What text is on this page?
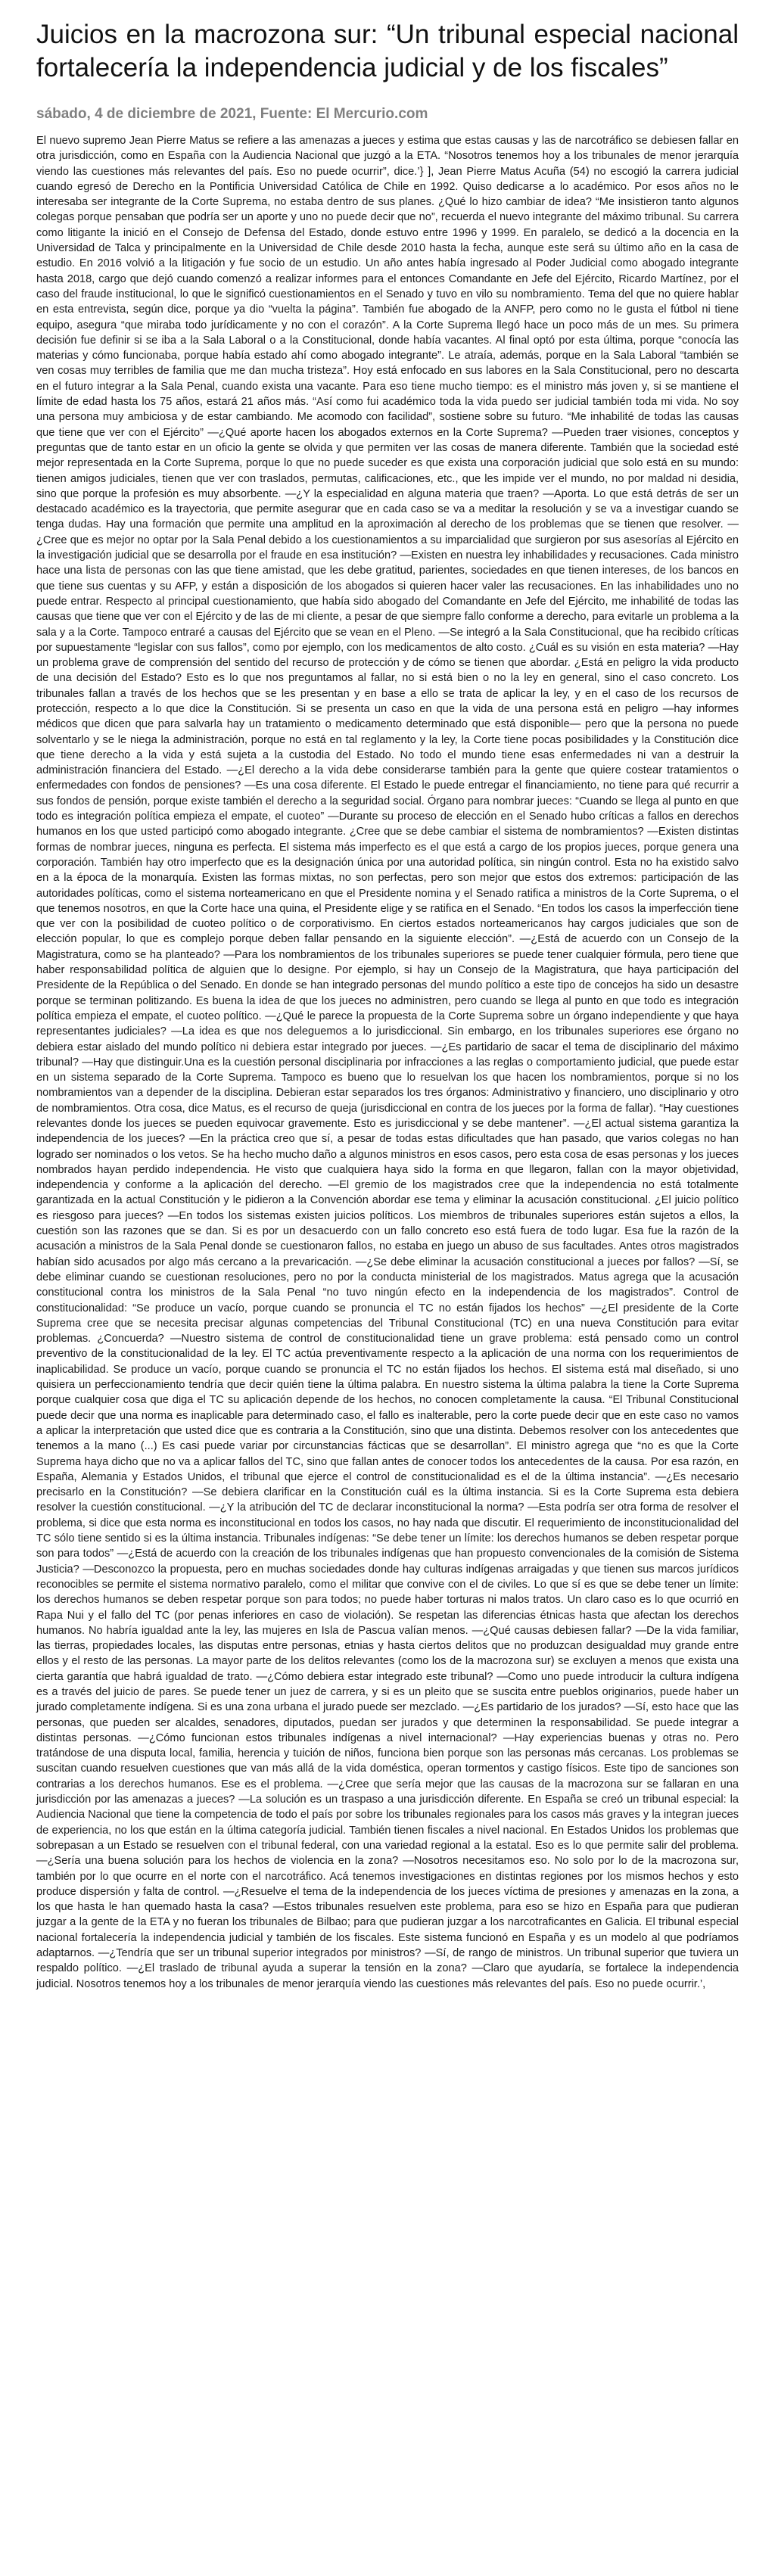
Juicios en la macrozona sur: “Un tribunal especial nacional fortalecería la independencia judicial y de los fiscales”
sábado, 4 de diciembre de 2021, Fuente: El Mercurio.com

El nuevo supremo Jean Pierre Matus se refiere a las amenazas a jueces y estima que estas causas y las de narcotráfico se debiesen fallar en otra jurisdicción, como en España con la Audiencia Nacional que juzgó a la ETA. “Nosotros tenemos hoy a los tribunales de menor jerarquía viendo las cuestiones más relevantes del país. Eso no puede ocurrir”, dice.’} ], Jean Pierre Matus Acuña (54) no escogió la carrera judicial cuando egresó de Derecho en la Pontificia Universidad Católica de Chile en 1992. Quiso dedicarse a lo académico. Por esos años no le interesaba ser integrante de la Corte Suprema, no estaba dentro de sus planes. ¿Qué lo hizo cambiar de idea? “Me insistieron tanto algunos colegas porque pensaban que podría ser un aporte y uno no puede decir que no”, recuerda el nuevo integrante del máximo tribunal. Su carrera como litigante la inició en el Consejo de Defensa del Estado, donde estuvo entre 1996 y 1999. En paralelo, se dedicó a la docencia en la Universidad de Talca y principalmente en la Universidad de Chile desde 2010 hasta la fecha, aunque este será su último año en la casa de estudio. En 2016 volvió a la litigación y fue socio de un estudio. Un año antes había ingresado al Poder Judicial como abogado integrante hasta 2018, cargo que dejó cuando comenzó a realizar informes para el entonces Comandante en Jefe del Ejército, Ricardo Martínez, por el caso del fraude institucional, lo que le significó cuestionamientos en el Senado y tuvo en vilo su nombramiento. Tema del que no quiere hablar en esta entrevista, según dice, porque ya dio “vuelta la página”. También fue abogado de la ANFP, pero como no le gusta el fútbol ni tiene equipo, asegura “que miraba todo jurídicamente y no con el corazón”. A la Corte Suprema llegó hace un poco más de un mes. Su primera decisión fue definir si se iba a la Sala Laboral o a la Constitucional, donde había vacantes. Al final optó por esta última, porque “conocía las materias y cómo funcionaba, porque había estado ahí como abogado integrante”. Le atraía, además, porque en la Sala Laboral “también se ven cosas muy terribles de familia que me dan mucha tristeza”. Hoy está enfocado en sus labores en la Sala Constitucional, pero no descarta en el futuro integrar a la Sala Penal, cuando exista una vacante. Para eso tiene mucho tiempo: es el ministro más joven y, si se mantiene el límite de edad hasta los 75 años, estará 21 años más. “Así como fui académico toda la vida puedo ser judicial también toda mi vida. No soy una persona muy ambiciosa y de estar cambiando. Me acomodo con facilidad”, sostiene sobre su futuro. “Me inhabilité de todas las causas que tiene que ver con el Ejército” —¿Qué aporte hacen los abogados externos en la Corte Suprema? —Pueden traer visiones, conceptos y preguntas que de tanto estar en un oficio la gente se olvida y que permiten ver las cosas de manera diferente. También que la sociedad esté mejor representada en la Corte Suprema, porque lo que no puede suceder es que exista una corporación judicial que solo está en su mundo: tienen amigos judiciales, tienen que ver con traslados, permutas, calificaciones, etc., que les impide ver el mundo, no por maldad ni desidia, sino que porque la profesión es muy absorbente. —¿Y la especialidad en alguna materia que traen? —Aporta. Lo que está detrás de ser un destacado académico es la trayectoria, que permite asegurar que en cada caso se va a meditar la resolución y se va a investigar cuando se tenga dudas. Hay una formación que permite una amplitud en la aproximación al derecho de los problemas que se tienen que resolver. —¿Cree que es mejor no optar por la Sala Penal debido a los cuestionamientos a su imparcialidad que surgieron por sus asesorías al Ejército en la investigación judicial que se desarrolla por el fraude en esa institución? —Existen en nuestra ley inhabilidades y recusaciones. Cada ministro hace una lista de personas con las que tiene amistad, que les debe gratitud, parientes, sociedades en que tienen intereses, de los bancos en que tiene sus cuentas y su AFP, y están a disposición de los abogados si quieren hacer valer las recusaciones. En las inhabilidades uno no puede entrar. Respecto al principal cuestionamiento, que había sido abogado del Comandante en Jefe del Ejército, me inhabilité de todas las causas que tiene que ver con el Ejército y de las de mi cliente, a pesar de que siempre fallo conforme a derecho, para evitarle un problema a la sala y a la Corte. Tampoco entraré a causas del Ejército que se vean en el Pleno. —Se integró a la Sala Constitucional, que ha recibido críticas por supuestamente “legislar con sus fallos”, como por ejemplo, con los medicamentos de alto costo. ¿Cuál es su visión en esta materia? —Hay un problema grave de comprensión del sentido del recurso de protección y de cómo se tienen que abordar. ¿Está en peligro la vida producto de una decisión del Estado? Esto es lo que nos preguntamos al fallar, no si está bien o no la ley en general, sino el caso concreto. Los tribunales fallan a través de los hechos que se les presentan y en base a ello se trata de aplicar la ley, y en el caso de los recursos de protección, respecto a lo que dice la Constitución. Si se presenta un caso en que la vida de una persona está en peligro —hay informes médicos que dicen que para salvarla hay un tratamiento o medicamento determinado que está disponible— pero que la persona no puede solventarlo y se le niega la administración, porque no está en tal reglamento y la ley, la Corte tiene pocas posibilidades y la Constitución dice que tiene derecho a la vida y está sujeta a la custodia del Estado. No todo el mundo tiene esas enfermedades ni van a destruir la administración financiera del Estado. —¿El derecho a la vida debe considerarse también para la gente que quiere costear tratamientos o enfermedades con fondos de pensiones? —Es una cosa diferente. El Estado le puede entregar el financiamiento, no tiene para qué recurrir a sus fondos de pensión, porque existe también el derecho a la seguridad social. Órgano para nombrar jueces: “Cuando se llega al punto en que todo es integración política empieza el empate, el cuoteo” —Durante su proceso de elección en el Senado hubo críticas a fallos en derechos humanos en los que usted participó como abogado integrante. ¿Cree que se debe cambiar el sistema de nombramientos? —Existen distintas formas de nombrar jueces, ninguna es perfecta. El sistema más imperfecto es el que está a cargo de los propios jueces, porque genera una corporación. También hay otro imperfecto que es la designación única por una autoridad política, sin ningún control. Esta no ha existido salvo en a la época de la monarquía. Existen las formas mixtas, no son perfectas, pero son mejor que estos dos extremos: participación de las autoridades políticas, como el sistema norteamericano en que el Presidente nomina y el Senado ratifica a ministros de la Corte Suprema, o el que tenemos nosotros, en que la Corte hace una quina, el Presidente elige y se ratifica en el Senado. “En todos los casos la imperfección tiene que ver con la posibilidad de cuoteo político o de corporativismo. En ciertos estados norteamericanos hay cargos judiciales que son de elección popular, lo que es complejo porque deben fallar pensando en la siguiente elección”. —¿Está de acuerdo con un Consejo de la Magistratura, como se ha planteado? —Para los nombramientos de los tribunales superiores se puede tener cualquier fórmula, pero tiene que haber responsabilidad política de alguien que lo designe. Por ejemplo, si hay un Consejo de la Magistratura, que haya participación del Presidente de la República o del Senado. En donde se han integrado personas del mundo político a este tipo de concejos ha sido un desastre porque se terminan politizando. Es buena la idea de que los jueces no administren, pero cuando se llega al punto en que todo es integración política empieza el empate, el cuoteo político. —¿Qué le parece la propuesta de la Corte Suprema sobre un órgano independiente y que haya representantes judiciales? —La idea es que nos deleguemos a lo jurisdiccional. Sin embargo, en los tribunales superiores ese órgano no debiera estar aislado del mundo político ni debiera estar integrado por jueces. —¿Es partidario de sacar el tema de disciplinario del máximo tribunal? —Hay que distinguir.Una es la cuestión personal disciplinaria por infracciones a las reglas o comportamiento judicial, que puede estar en un sistema separado de la Corte Suprema. Tampoco es bueno que lo resuelvan los que hacen los nombramientos, porque si no los nombramientos van a depender de la disciplina. Debieran estar separados los tres órganos: Administrativo y financiero, uno disciplinario y otro de nombramientos. Otra cosa, dice Matus, es el recurso de queja (jurisdiccional en contra de los jueces por la forma de fallar). “Hay cuestiones relevantes donde los jueces se pueden equivocar gravemente. Esto es jurisdiccional y se debe mantener”. —¿El actual sistema garantiza la independencia de los jueces? —En la práctica creo que sí, a pesar de todas estas dificultades que han pasado, que varios colegas no han logrado ser nominados o los vetos. Se ha hecho mucho daño a algunos ministros en esos casos, pero esta cosa de esas personas y los jueces nombrados hayan perdido independencia. He visto que cualquiera haya sido la forma en que llegaron, fallan con la mayor objetividad, independencia y conforme a la aplicación del derecho. —El gremio de los magistrados cree que la independencia no está totalmente garantizada en la actual Constitución y le pidieron a la Convención abordar ese tema y eliminar la acusación constitucional. ¿El juicio político es riesgoso para jueces? —En todos los sistemas existen juicios políticos. Los miembros de tribunales superiores están sujetos a ellos, la cuestión son las razones que se dan. Si es por un desacuerdo con un fallo concreto eso está fuera de todo lugar. Esa fue la razón de la acusación a ministros de la Sala Penal donde se cuestionaron fallos, no estaba en juego un abuso de sus facultades. Antes otros magistrados habían sido acusados por algo más cercano a la prevaricación. —¿Se debe eliminar la acusación constitucional a jueces por fallos? —Sí, se debe eliminar cuando se cuestionan resoluciones, pero no por la conducta ministerial de los magistrados. Matus agrega que la acusación constitucional contra los ministros de la Sala Penal “no tuvo ningún efecto en la independencia de los magistrados”. Control de constitucionalidad: “Se produce un vacío, porque cuando se pronuncia el TC no están fijados los hechos” —¿El presidente de la Corte Suprema cree que se necesita precisar algunas competencias del Tribunal Constitucional (TC) en una nueva Constitución para evitar problemas. ¿Concuerda? —Nuestro sistema de control de constitucionalidad tiene un grave problema: está pensado como un control preventivo de la constitucionalidad de la ley. El TC actúa preventivamente respecto a la aplicación de una norma con los requerimientos de inaplicabilidad. Se produce un vacío, porque cuando se pronuncia el TC no están fijados los hechos. El sistema está mal diseñado, si uno quisiera un perfeccionamiento tendría que decir quién tiene la última palabra. En nuestro sistema la última palabra la tiene la Corte Suprema porque cualquier cosa que diga el TC su aplicación depende de los hechos, no conocen completamente la causa. “El Tribunal Constitucional puede decir que una norma es inaplicable para determinado caso, el fallo es inalterable, pero la corte puede decir que en este caso no vamos a aplicar la interpretación que usted dice que es contraria a la Constitución, sino que una distinta. Debemos resolver con los antecedentes que tenemos a la mano (...) Es casi puede variar por circunstancias fácticas que se desarrollan”. El ministro agrega que “no es que la Corte Suprema haya dicho que no va a aplicar fallos del TC, sino que fallan antes de conocer todos los antecedentes de la causa. Por esa razón, en España, Alemania y Estados Unidos, el tribunal que ejerce el control de constitucionalidad es el de la última instancia”. —¿Es necesario precisarlo en la Constitución? —Se debiera clarificar en la Constitución cuál es la última instancia. Si es la Corte Suprema esta debiera resolver la cuestión constitucional. —¿Y la atribución del TC de declarar inconstitucional la norma? —Esta podría ser otra forma de resolver el problema, si dice que esta norma es inconstitucional en todos los casos, no hay nada que discutir. El requerimiento de inconstitucionalidad del TC sólo tiene sentido si es la última instancia. Tribunales indígenas: “Se debe tener un límite: los derechos humanos se deben respetar porque son para todos” —¿Está de acuerdo con la creación de los tribunales indígenas que han propuesto convencionales de la comisión de Sistema Justicia? —Desconozco la propuesta, pero en muchas sociedades donde hay culturas indígenas arraigadas y que tienen sus marcos jurídicos reconocibles se permite el sistema normativo paralelo, como el militar que convive con el de civiles. Lo que sí es que se debe tener un límite: los derechos humanos se deben respetar porque son para todos; no puede haber torturas ni malos tratos. Un claro caso es lo que ocurrió en Rapa Nui y el fallo del TC (por penas inferiores en caso de violación). Se respetan las diferencias étnicas hasta que afectan los derechos humanos. No habría igualdad ante la ley, las mujeres en Isla de Pascua valían menos. —¿Qué causas debiesen fallar? —De la vida familiar, las tierras, propiedades locales, las disputas entre personas, etnias y hasta ciertos delitos que no produzcan desigualdad muy grande entre ellos y el resto de las personas. La mayor parte de los delitos relevantes (como los de la macrozona sur) se excluyen a menos que exista una cierta garantía que habrá igualdad de trato. —¿Cómo debiera estar integrado este tribunal? —Como uno puede introducir la cultura indígena es a través del juicio de pares. Se puede tener un juez de carrera, y si es un pleito que se suscita entre pueblos originarios, puede haber un jurado completamente indígena. Si es una zona urbana el jurado puede ser mezclado. —¿Es partidario de los jurados? —Sí, esto hace que las personas, que pueden ser alcaldes, senadores, diputados, puedan ser jurados y que determinen la responsabilidad. Se puede integrar a distintas personas. —¿Cómo funcionan estos tribunales indígenas a nivel internacional? —Hay experiencias buenas y otras no. Pero tratándose de una disputa local, familia, herencia y tuición de niños, funciona bien porque son las personas más cercanas. Los problemas se suscitan cuando resuelven cuestiones que van más allá de la vida doméstica, operan tormentos y castigo físicos. Este tipo de sanciones son contrarias a los derechos humanos. Ese es el problema. —¿Cree que sería mejor que las causas de la macrozona sur se fallaran en una jurisdicción por las amenazas a jueces? —La solución es un traspaso a una jurisdicción diferente. En España se creó un tribunal especial: la Audiencia Nacional que tiene la competencia de todo el país por sobre los tribunales regionales para los casos más graves y la integran jueces de experiencia, no los que están en la última categoría judicial. También tienen fiscales a nivel nacional. En Estados Unidos los problemas que sobrepasan a un Estado se resuelven con el tribunal federal, con una variedad regional a la estatal. Eso es lo que permite salir del problema. —¿Sería una buena solución para los hechos de violencia en la zona? —Nosotros necesitamos eso. No solo por lo de la macrozona sur, también por lo que ocurre en el norte con el narcotráfico. Acá tenemos investigaciones en distintas regiones por los mismos hechos y esto produce dispersión y falta de control. —¿Resuelve el tema de la independencia de los jueces víctima de presiones y amenazas en la zona, a los que hasta le han quemado hasta la casa? —Estos tribunales resuelven este problema, para eso se hizo en España para que pudieran juzgar a la gente de la ETA y no fueran los tribunales de Bilbao; para que pudieran juzgar a los narcotraficantes en Galicia. El tribunal especial nacional fortalecería la independencia judicial y también de los fiscales. Este sistema funcionó en España y es un modelo al que podríamos adaptarnos. —¿Tendría que ser un tribunal superior integrados por ministros? —Sí, de rango de ministros. Un tribunal superior que tuviera un respaldo político. —¿El traslado de tribunal ayuda a superar la tensión en la zona? —Claro que ayudaría, se fortalece la independencia judicial. Nosotros tenemos hoy a los tribunales de menor jerarquía viendo las cuestiones más relevantes del país. Eso no puede ocurrir.’,
